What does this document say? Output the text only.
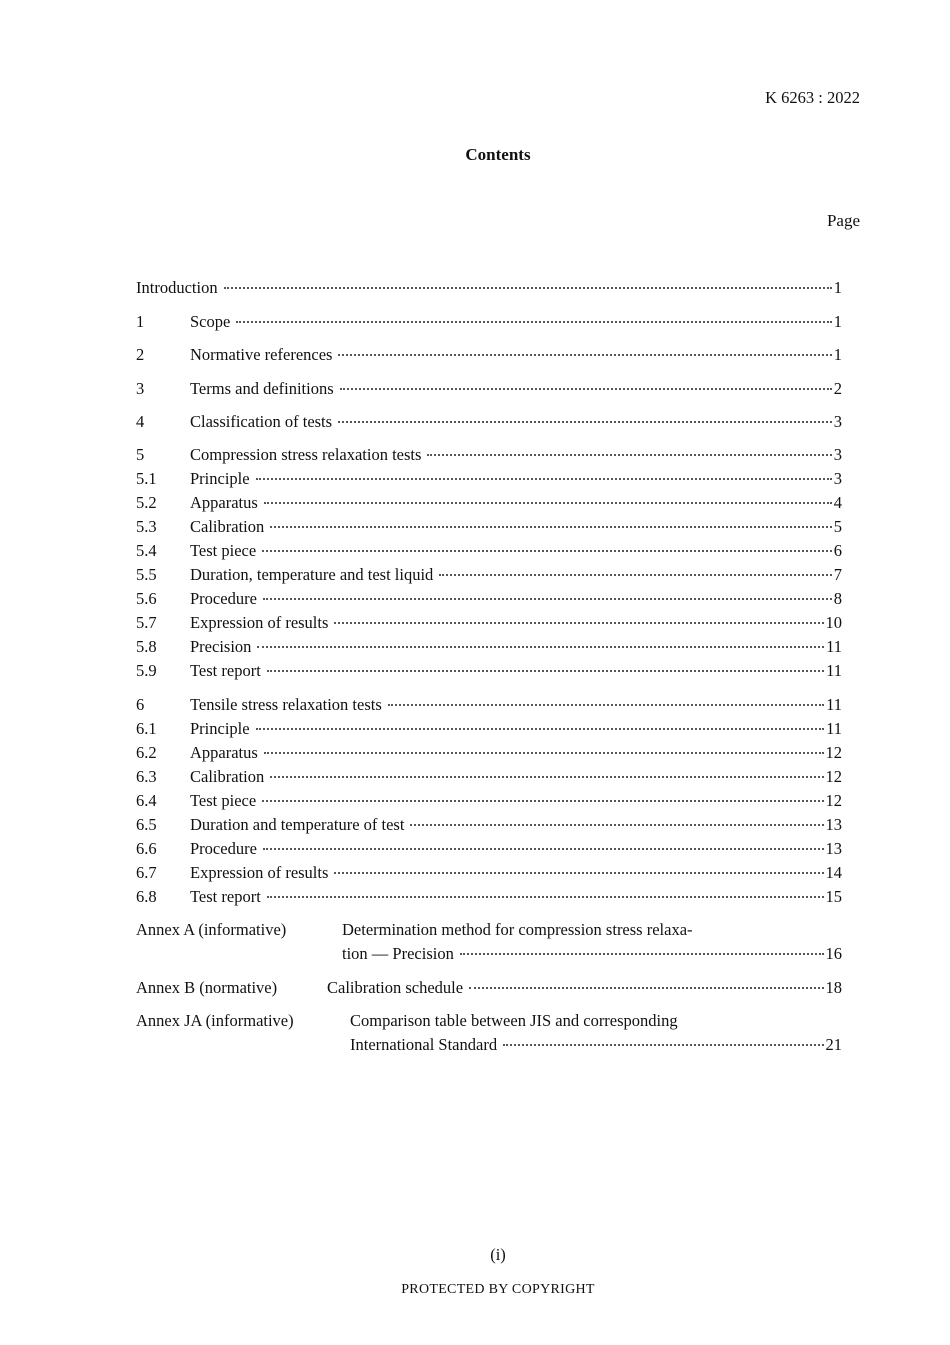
K 6263 : 2022
Contents
Page
Introduction	1
1	Scope	1
2	Normative references	1
3	Terms and definitions	2
4	Classification of tests	3
5	Compression stress relaxation tests	3
5.1	Principle	3
5.2	Apparatus	4
5.3	Calibration	5
5.4	Test piece	6
5.5	Duration, temperature and test liquid	7
5.6	Procedure	8
5.7	Expression of results	10
5.8	Precision	11
5.9	Test report	11
6	Tensile stress relaxation tests	11
6.1	Principle	11
6.2	Apparatus	12
6.3	Calibration	12
6.4	Test piece	12
6.5	Duration and temperature of test	13
6.6	Procedure	13
6.7	Expression of results	14
6.8	Test report	15
Annex A (informative)	Determination method for compression stress relaxa-
tion — Precision	16
Annex B (normative)	Calibration schedule	18
Annex JA (informative)	Comparison table between JIS and corresponding
International Standard	21
(i)
PROTECTED BY COPYRIGHT
